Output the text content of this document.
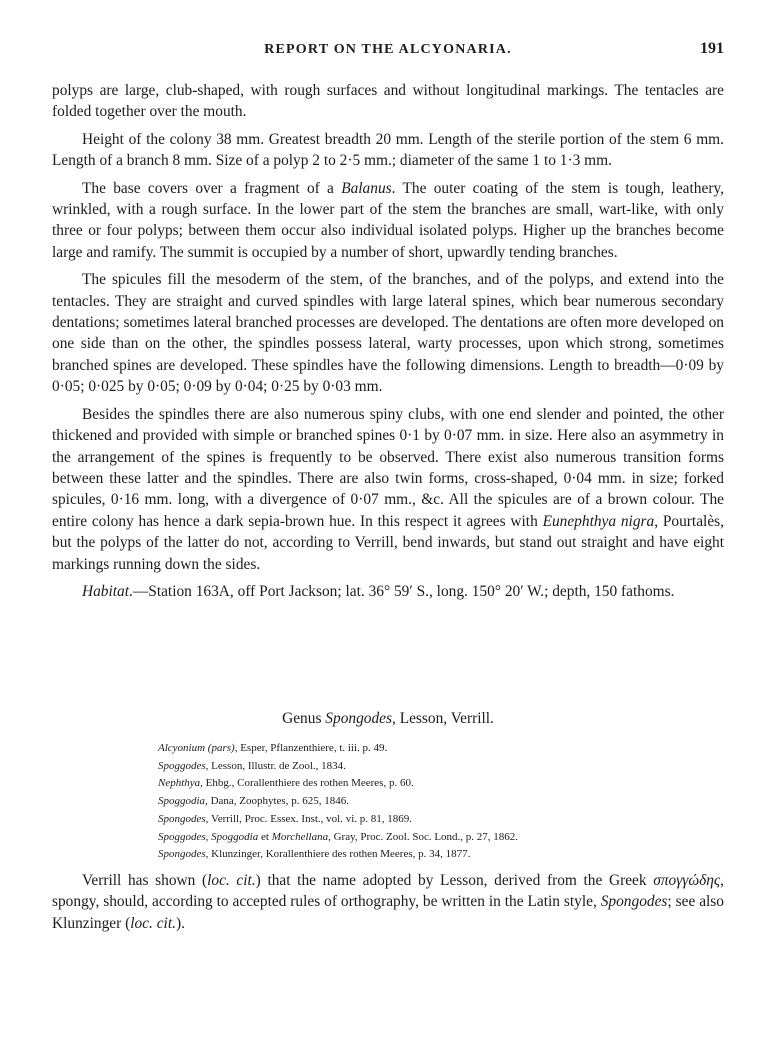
REPORT ON THE ALCYONARIA.	191

polyps are large, club-shaped, with rough surfaces and without longitudinal markings. The tentacles are folded together over the mouth.

Height of the colony 38 mm. Greatest breadth 20 mm. Length of the sterile portion of the stem 6 mm. Length of a branch 8 mm. Size of a polyp 2 to 2·5 mm.; diameter of the same 1 to 1·3 mm.

The base covers over a fragment of a Balanus. The outer coating of the stem is tough, leathery, wrinkled, with a rough surface. In the lower part of the stem the branches are small, wart-like, with only three or four polyps; between them occur also individual isolated polyps. Higher up the branches become large and ramify. The summit is occupied by a number of short, upwardly tending branches.

The spicules fill the mesoderm of the stem, of the branches, and of the polyps, and extend into the tentacles. They are straight and curved spindles with large lateral spines, which bear numerous secondary dentations; sometimes lateral branched processes are developed. The dentations are often more developed on one side than on the other, the spindles possess lateral, warty processes, upon which strong, sometimes branched spines are developed. These spindles have the following dimensions. Length to breadth—0·09 by 0·05; 0·025 by 0·05; 0·09 by 0·04; 0·25 by 0·03 mm.

Besides the spindles there are also numerous spiny clubs, with one end slender and pointed, the other thickened and provided with simple or branched spines 0·1 by 0·07 mm. in size. Here also an asymmetry in the arrangement of the spines is frequently to be observed. There exist also numerous transition forms between these latter and the spindles. There are also twin forms, cross-shaped, 0·04 mm. in size; forked spicules, 0·16 mm. long, with a divergence of 0·07 mm., &c. All the spicules are of a brown colour. The entire colony has hence a dark sepia-brown hue. In this respect it agrees with Eunephthya nigra, Pourtalès, but the polyps of the latter do not, according to Verrill, bend inwards, but stand out straight and have eight markings running down the sides.

Habitat.—Station 163A, off Port Jackson; lat. 36° 59′ S., long. 150° 20′ W.; depth, 150 fathoms.

Genus Spongodes, Lesson, Verrill.
Alcyonium (pars), Esper, Pflanzenthiere, t. iii. p. 49.
Spoggodes, Lesson, Illustr. de Zool., 1834.
Nephthya, Ehbg., Corallenthiere des rothen Meeres, p. 60.
Spoggodia, Dana, Zoophytes, p. 625, 1846.
Spongodes, Verrill, Proc. Essex. Inst., vol. vi. p. 81, 1869.
Spoggodes, Spoggodia et Morchellana, Gray, Proc. Zool. Soc. Lond., p. 27, 1862.
Spongodes, Klunzinger, Korallenthiere des rothen Meeres, p. 34, 1877.

Verrill has shown (loc. cit.) that the name adopted by Lesson, derived from the Greek σπογγώδης, spongy, should, according to accepted rules of orthography, be written in the Latin style, Spongodes; see also Klunzinger (loc. cit.).
